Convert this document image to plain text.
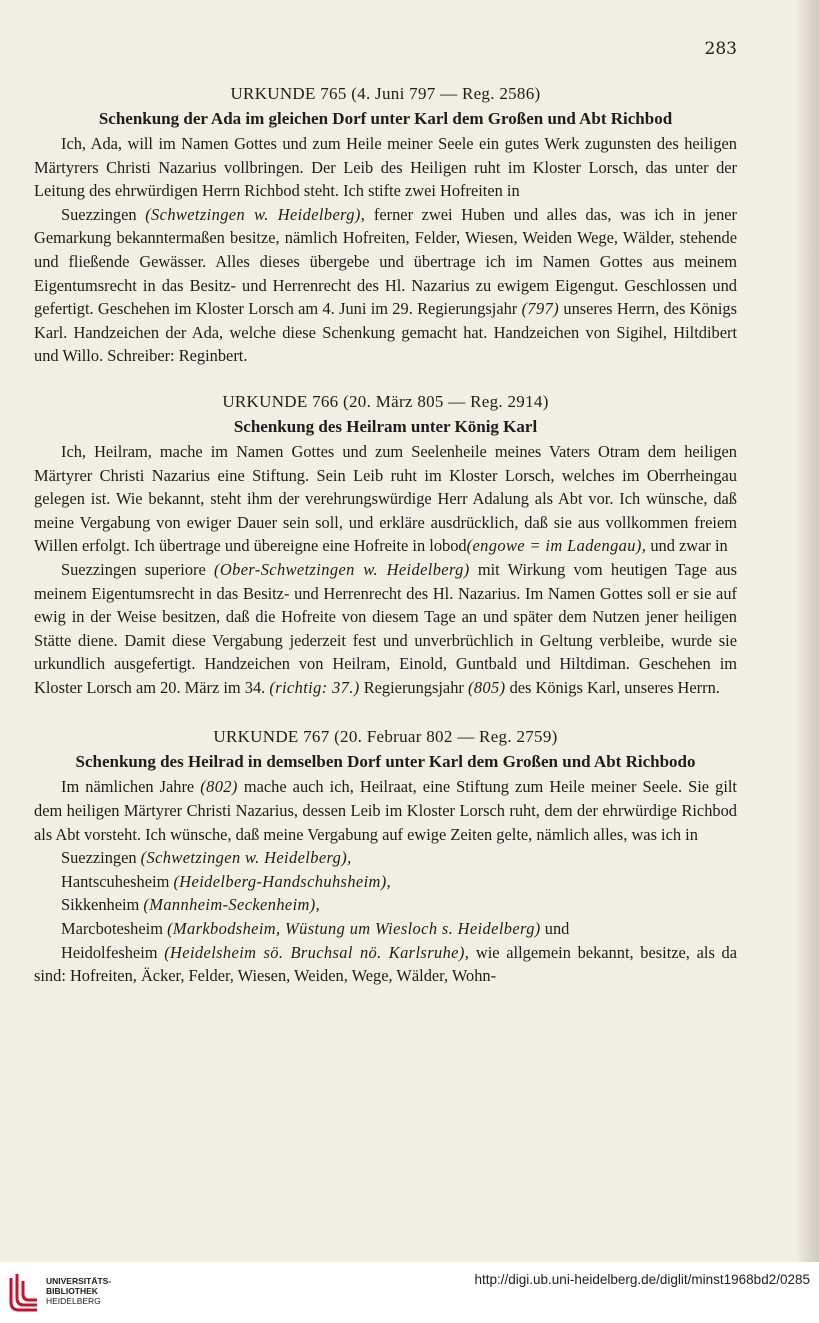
283

URKUNDE 765 (4. Juni 797 — Reg. 2586)

Schenkung der Ada im gleichen Dorf unter Karl dem Großen und Abt Richbod

Ich, Ada, will im Namen Gottes und zum Heile meiner Seele ein gutes Werk zugunsten des heiligen Märtyrers Christi Nazarius vollbringen. Der Leib des Heiligen ruht im Kloster Lorsch, das unter der Leitung des ehrwürdigen Herrn Richbod steht. Ich stifte zwei Hofreiten in

Suezzingen (Schwetzingen w. Heidelberg), ferner zwei Huben und alles das, was ich in jener Gemarkung bekanntermaßen besitze, nämlich Hofreiten, Felder, Wiesen, Weiden Wege, Wälder, stehende und fließende Gewässer. Alles dieses übergebe und übertrage ich im Namen Gottes aus meinem Eigentumsrecht in das Besitz- und Herrenrecht des Hl. Nazarius zu ewigem Eigengut. Geschlossen und gefertigt. Geschehen im Kloster Lorsch am 4. Juni im 29. Regierungsjahr (797) unseres Herrn, des Königs Karl. Handzeichen der Ada, welche diese Schenkung gemacht hat. Handzeichen von Sigihel, Hiltdibert und Willo. Schreiber: Reginbert.

URKUNDE 766 (20. März 805 — Reg. 2914)

Schenkung des Heilram unter König Karl

Ich, Heilram, mache im Namen Gottes und zum Seelenheile meines Vaters Otram dem heiligen Märtyrer Christi Nazarius eine Stiftung. Sein Leib ruht im Kloster Lorsch, welches im Oberrheingau gelegen ist. Wie bekannt, steht ihm der verehrungswürdige Herr Adalung als Abt vor. Ich wünsche, daß meine Vergabung von ewiger Dauer sein soll, und erkläre ausdrücklich, daß sie aus vollkommen freiem Willen erfolgt. Ich übertrage und übereigne eine Hofreite in lobod(engowe = im Ladengau), und zwar in

Suezzingen superiore (Ober-Schwetzingen w. Heidelberg) mit Wirkung vom heutigen Tage aus meinem Eigentumsrecht in das Besitz- und Herrenrecht des Hl. Nazarius. Im Namen Gottes soll er sie auf ewig in der Weise besitzen, daß die Hofreite von diesem Tage an und später dem Nutzen jener heiligen Stätte diene. Damit diese Vergabung jederzeit fest und unverbrüchlich in Geltung verbleibe, wurde sie urkundlich ausgefertigt. Handzeichen von Heilram, Einold, Guntbald und Hiltdiman. Geschehen im Kloster Lorsch am 20. März im 34. (richtig: 37.) Regierungsjahr (805) des Königs Karl, unseres Herrn.

URKUNDE 767 (20. Februar 802 — Reg. 2759)

Schenkung des Heilrad in demselben Dorf unter Karl dem Großen und Abt Richbodo

Im nämlichen Jahre (802) mache auch ich, Heilraat, eine Stiftung zum Heile meiner Seele. Sie gilt dem heiligen Märtyrer Christi Nazarius, dessen Leib im Kloster Lorsch ruht, dem der ehrwürdige Richbod als Abt vorsteht. Ich wünsche, daß meine Vergabung auf ewige Zeiten gelte, nämlich alles, was ich in

Suezzingen (Schwetzingen w. Heidelberg),

Hantscuhesheim (Heidelberg-Handschuhsheim),

Sikkenheim (Mannheim-Seckenheim),

Marcbotesheim (Markbodsheim, Wüstung um Wiesloch s. Heidelberg) und

Heidolfesheim (Heidelsheim sö. Bruchsal nö. Karlsruhe), wie allgemein bekannt, besitze, als da sind: Hofreiten, Äcker, Felder, Wiesen, Weiden, Wege, Wälder, Wohn-

UNIVERSITÄTS-
BIBLIOTHEK
HEIDELBERG
http://digi.ub.uni-heidelberg.de/diglit/minst1968bd2/0285
